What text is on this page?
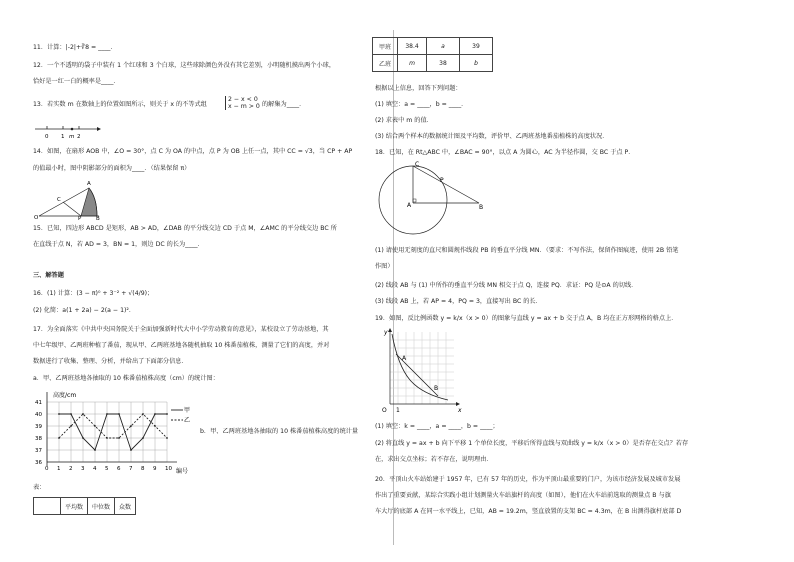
11．计算：|-2|+∛8 = ____．
12．一个不透明的袋子中装有 1 个红球和 3 个白球，这些球除颜色外没有其它差别，小明随机摸出两个小球，
恰好是一红一白的概率是____．
13．若实数 m 在数轴上的位置如图所示，则关于 x 的不等式组
2 − x < 0
x − m > 0 的解集为____．
0 1 m 2
14．如图，在扇形 AOB 中，∠O = 30°，点 C 为 OA 的中点，点 P 为 OB 上任一点，其中 CC = √3，当 CP + AP
的值最小时，图中阴影部分的面积为____．（结果保留 π）
A
C
O	P	B
15．已知，四边形 ABCD 是矩形，AB > AD，∠DAB 的平分线交边 CD 于点 M，∠AMC 的平分线交边 BC 所
在直线于点 N，若 AD = 3，BN = 1，则边 DC 的长为____．
三、解答题
16．(1) 计算：(3 − π)⁰ + 3⁻² + √(4/9)；
(2) 化简：a(1 + 2a) − 2(a − 1)²．
17．为全面落实《中共中央国务院关于全面加强新时代大中小学劳动教育的意见》，某校设立了劳动基地，其
中七年级甲、乙两班种植了番茄，现从甲、乙两班基地各随机抽取 10 株番茄植株，测量了它们的高度，并对
数据进行了收集、整理、分析，并给出了下面部分信息．
a．甲、乙两班基地各抽取的 10 株番茄植株高度（cm）的统计图：
36
37
38
39
40
41
0 1 2 3 4 5 6 7 8 9 10
高度/cm
编号
甲
乙
b．甲、乙两班基地各抽取的 10 株番茄植株高度的统计量
表：
	平均数	中位数	众数
甲班	38.4	a	39
乙班	m	38	b
根据以上信息，回答下列问题：
(1) 填空：a = ____，b = ____．
(2) 求表中 m 的值．
(3) 结合两个样本的数据统计图及平均数，评价甲、乙两班基地番茄植株的高度状况．
18．已知，在 Rt△ABC 中，∠BAC = 90°，以点 A 为圆心，AC 为半径作圆，交 BC 于点 P．
C
P
A	B
(1) 请使用无刻度的直尺和圆规作线段 PB 的垂直平分线 MN．（要求：不写作法，保留作图痕迹，使用 2B 铅笔
作图）
(2) 线段 AB 与 (1) 中所作的垂直平分线 MN 相交于点 Q，连接 PQ．求证：PQ 是⊙A 的切线．
(3) 线段 AB 上，若 AP = 4，PQ = 3，直接写出 BC 的长．
19．如图，反比例函数 y = k/x（x > 0）的图象与直线 y = ax + b 交于点 A，B 均在正方形网格的格点上．
y
A
B
O 1	x
(1) 填空：k = ____，a = ____，b = ____；
(2) 将直线 y = ax + b 向下平移 1 个单位长度，平移后所得直线与双曲线 y = k/x（x > 0）是否存在交点？若存
在，求出交点坐标；若不存在，说明理由．
20．平顶山火车站始建于 1957 年，已有 57 年的历史，作为平顶山最重要的门户，为该市经济发展及城市发展
作出了重要贡献，某综合实践小组计划测量火车站旗杆的高度（如图），他们在火车站前选取的测量点 B 与旗
车大厅的底部 A 在同一水平线上，已知，AB = 19.2m，竖直放置的支架 BC = 4.3m，在 B 出测得旗杆底部 D
